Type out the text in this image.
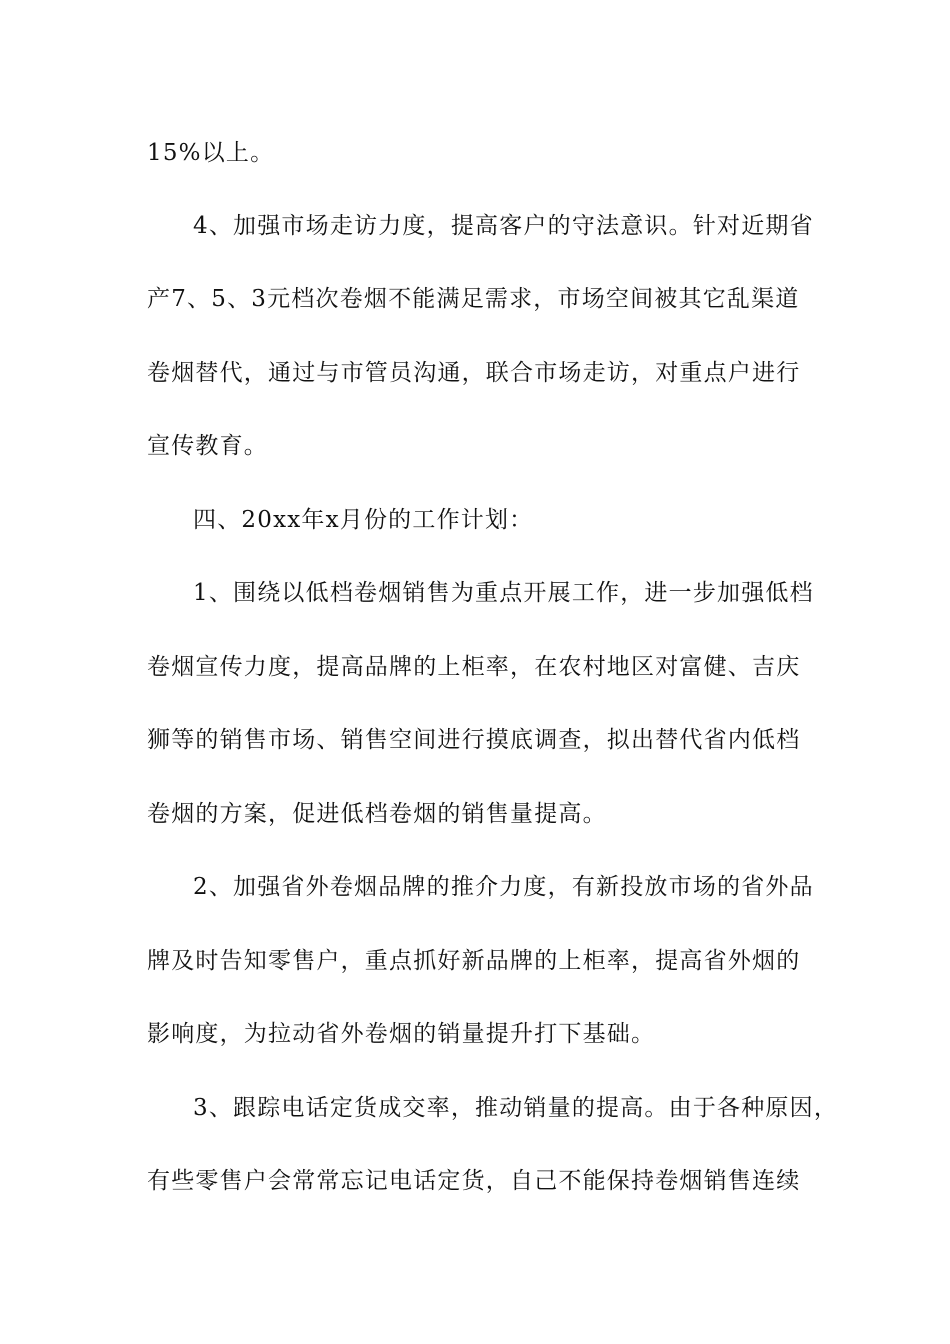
15%以上。
4、加强市场走访力度，提高客户的守法意识。针对近期省
产7、5、3元档次卷烟不能满足需求，市场空间被其它乱渠道
卷烟替代，通过与市管员沟通，联合市场走访，对重点户进行
宣传教育。
四、20xx年x月份的工作计划：
1、围绕以低档卷烟销售为重点开展工作，进一步加强低档
卷烟宣传力度，提高品牌的上柜率，在农村地区对富健、吉庆
狮等的销售市场、销售空间进行摸底调查，拟出替代省内低档
卷烟的方案，促进低档卷烟的销售量提高。
2、加强省外卷烟品牌的推介力度，有新投放市场的省外品
牌及时告知零售户，重点抓好新品牌的上柜率，提高省外烟的
影响度，为拉动省外卷烟的销量提升打下基础。
3、跟踪电话定货成交率，推动销量的提高。由于各种原因，
有些零售户会常常忘记电话定货，自己不能保持卷烟销售连续
